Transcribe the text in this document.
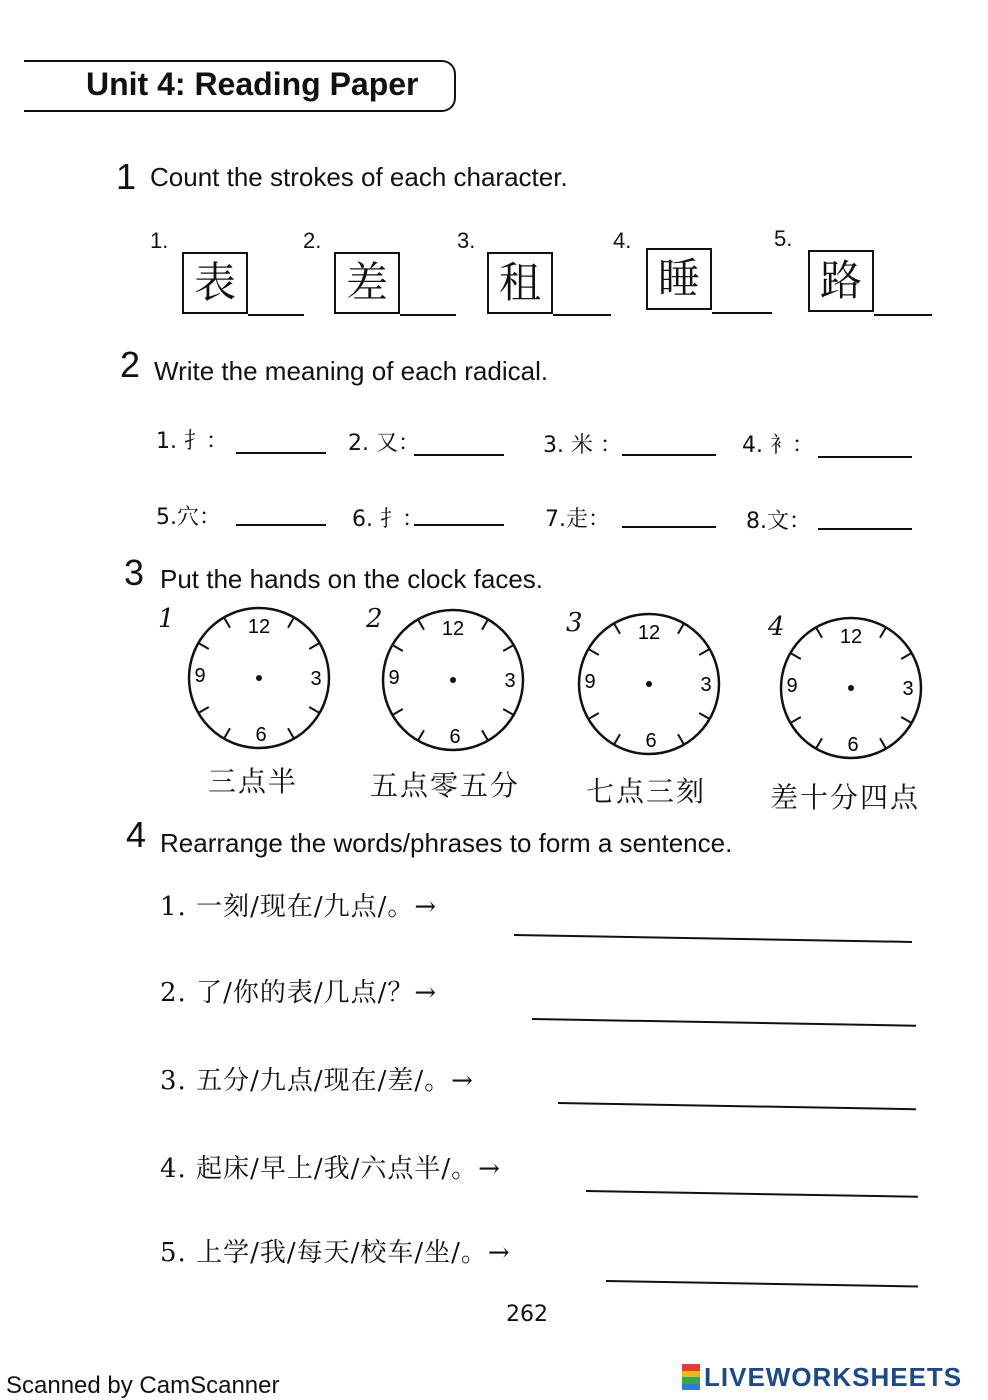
Unit 4: Reading Paper
1 Count the strokes of each character.
1.
表
2.
差
3.
租
4.
睡
5.
路
2 Write the meaning of each radical.
1. 扌：	2. 又：	3. 米 ：	4. 衤：
5.穴：	6. 扌：	7.走：	8.文：
3 Put the hands on the clock faces.
1	12
3
6
9
三点半
2	12
3
6
9
五点零五分
3	12
3
6
9
七点三刻
4	12
3
6
9
差十分四点
4 Rearrange the words/phrases to form a sentence.
1. 一刻/现在/九点/。→
2. 了/你的表/几点/？→
3. 五分/九点/现在/差/。→
4. 起床/早上/我/六点半/。→
5. 上学/我/每天/校车/坐/。→
262
Scanned by CamScanner	LIVEWORKSHEETS
